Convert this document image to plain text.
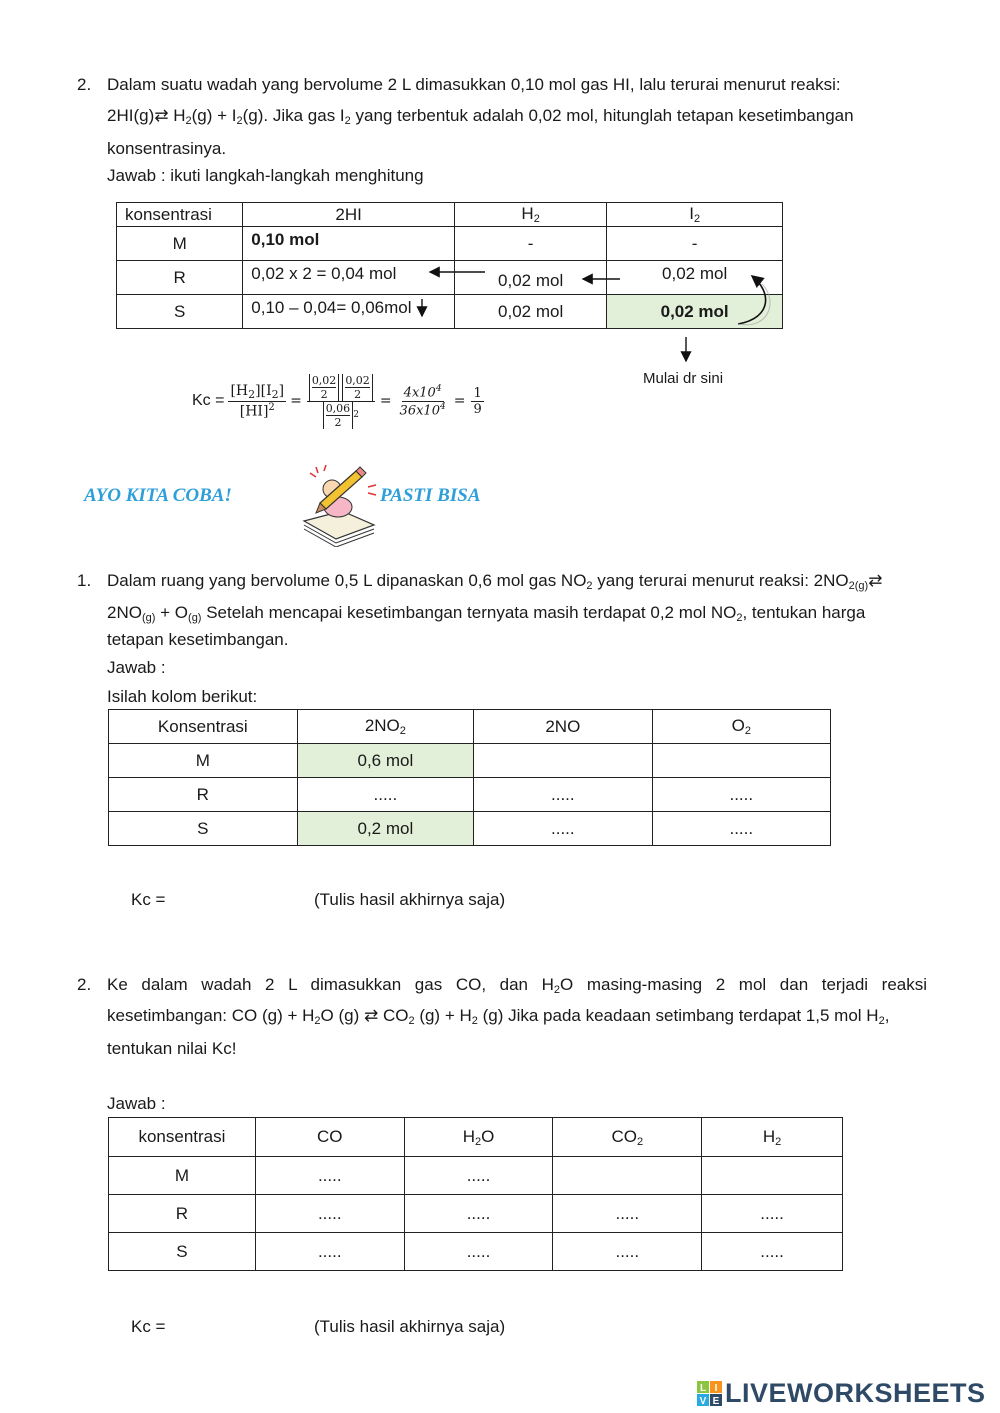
2. Dalam suatu wadah yang bervolume 2 L dimasukkan 0,10 mol gas HI, lalu terurai menurut reaksi:
2HI(g)⇄ $H_2(g) + I_2(g)$. Jika gas $I_2$ yang terbentuk adalah 0,02 mol, hitunglah tetapan kesetimbangan
konsentrasinya.
Jawab : ikuti langkah-langkah menghitung
konsentrasi	2HI	$H_2$	$I_2$
M	0,10 mol	-	-
R	0,02 x 2 = 0,04 mol	0,02 mol	0,02 mol
S	0,10 – 0,04= 0,06mol	0,02 mol	0,02 mol
Mulai dr sini
$Kc = \frac{[H_2][I_2]}{[HI]^2} = 0,02$
2
0,02
2
0,06
2
$2 = \frac{4x10^4}{36x10^4} = \frac{1}{9}$
AYO KITA COBA!	PASTI BISA
1. Dalam ruang yang bervolume 0,5 L dipanaskan 0,6 mol gas $NO_2$ yang terurai menurut reaksi: $2NO_{2(g)}⇄$
$2NO_{(g)} + O_{(g)}$ Setelah mencapai kesetimbangan ternyata masih terdapat 0,2 mol $NO_2$, tentukan harga
tetapan kesetimbangan.
Jawab :
Isilah kolom berikut:
Konsentrasi	$2NO_2$	2NO	$O_2$
M	0,6 mol		
R	.....	.....	.....
S	0,2 mol	.....	.....
Kc =	(Tulis hasil akhirnya saja)
2. Ke dalam wadah 2 L dimasukkan gas CO, dan $H_2O$ masing-masing 2 mol dan terjadi reaksi
kesetimbangan: CO $(g) + H_2O$ (g) ⇄ $CO_2$ $(g) + H_2$ (g) Jika pada keadaan setimbang terdapat 1,5 mol $H_2$,
tentukan nilai Kc!
Jawab :
konsentrasi	CO	$H_2O$	$CO_2$	$H_2$
M	.....	.....		
R	.....	.....	.....	.....
S	.....	.....	.....	.....
Kc =	(Tulis hasil akhirnya saja)
L I
V E LIVEWORKSHEETS
